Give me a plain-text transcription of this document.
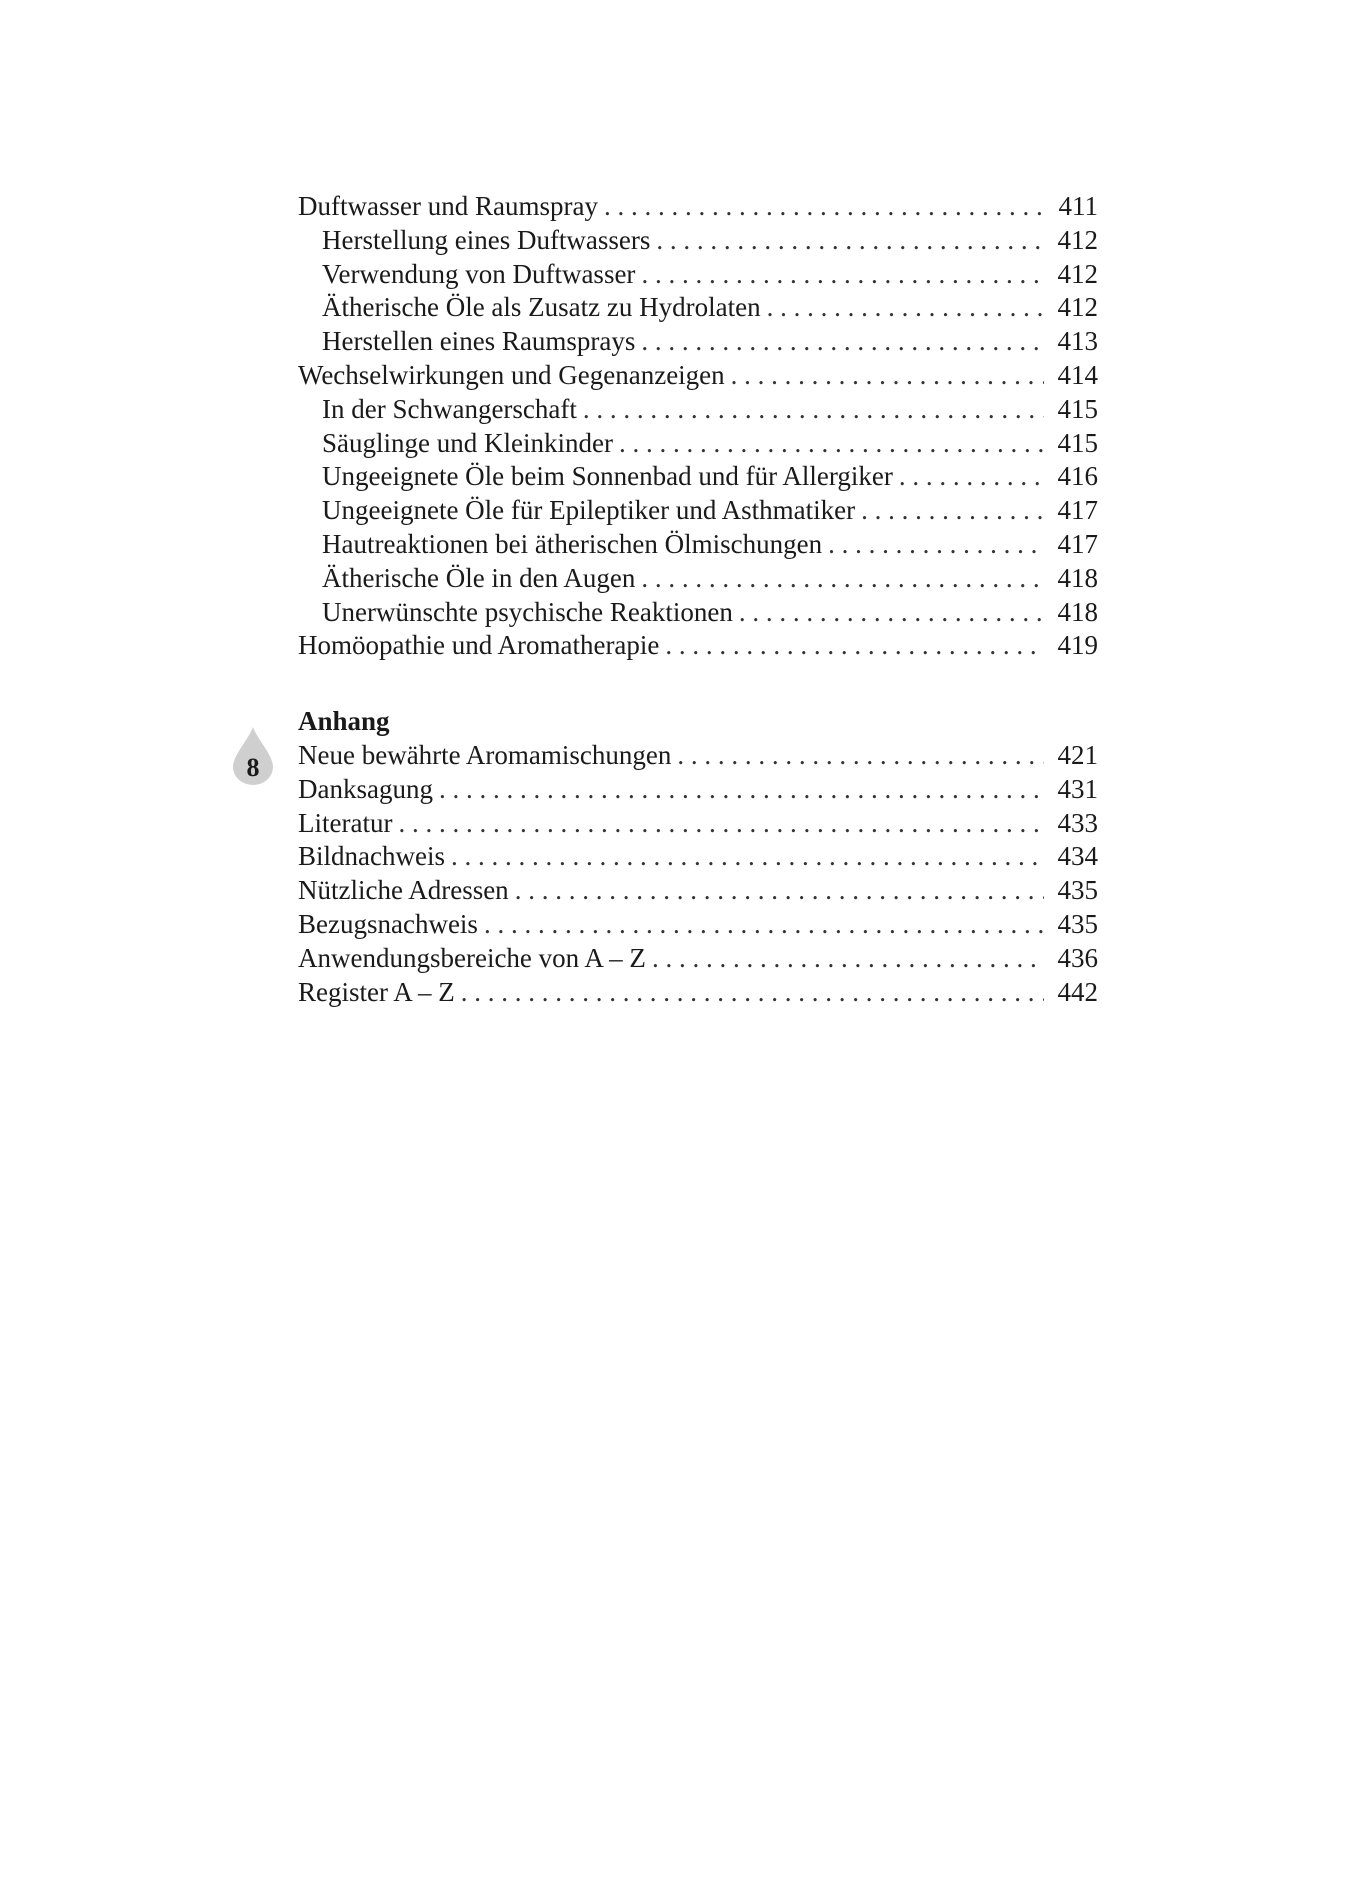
Duftwasser und Raumspray . . .	411
Herstellung eines Duftwassers . . .	412
Verwendung von Duftwasser . . .	412
Ätherische Öle als Zusatz zu Hydrolaten . . .	412
Herstellen eines Raumsprays . . .	413
Wechselwirkungen und Gegenanzeigen . . .	414
In der Schwangerschaft . . .	415
Säuglinge und Kleinkinder . . .	415
Ungeeignete Öle beim Sonnenbad und für Allergiker . . .	416
Ungeeignete Öle für Epileptiker und Asthmatiker . . .	417
Hautreaktionen bei ätherischen Ölmischungen . . .	417
Ätherische Öle in den Augen . . .	418
Unerwünschte psychische Reaktionen . . .	418
Homöopathie und Aromatherapie . . .	419
8
Anhang
Neue bewährte Aromamischungen . . .	421
Danksagung . . .	431
Literatur . . .	433
Bildnachweis . . .	434
Nützliche Adressen . . .	435
Bezugsnachweis . . .	435
Anwendungsbereiche von A – Z . . .	436
Register A – Z . . .	442
